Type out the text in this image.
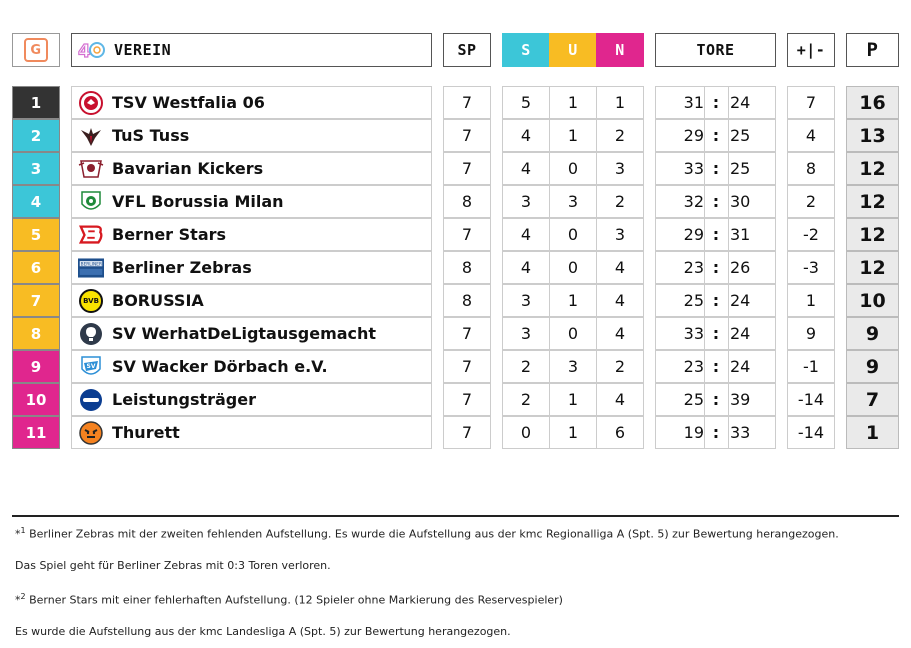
G	4 VEREIN	SP	S	U	N	TORE	+|-	P
1	TSV Westfalia 06	7	5	1	1	31 : 24	7	16
2	TuS Tuss	7	4	1	2	29 : 25	4	13
3	Bavarian Kickers	7	4	0	3	33 : 25	8	12
4	VFL Borussia Milan	8	3	3	2	32 : 30	2	12
5	Berner Stars	7	4	0	3	29 : 31	-2	12
6	BERLINER Berliner Zebras	8	4	0	4	23 : 26	-3	12
7	BVB BORUSSIA	8	3	1	4	25 : 24	1	10
8	SV WerhatDeLigtausgemacht	7	3	0	4	33 : 24	9	9
9	SV SV Wacker Dörbach e.V.	7	2	3	2	23 : 24	-1	9
10	Leistungsträger	7	2	1	4	25 : 39	-14	7
11	Thurett	7	0	1	6	19 : 33	-14	1
*$^1$ Berliner Zebras mit der zweiten fehlenden Aufstellung. Es wurde die Aufstellung aus der kmc Regionalliga A (Spt. 5) zur Bewertung herangezogen.
Das Spiel geht für Berliner Zebras mit 0:3 Toren verloren.
*$^2$ Berner Stars mit einer fehlerhaften Aufstellung. (12 Spieler ohne Markierung des Reservespieler)
Es wurde die Aufstellung aus der kmc Landesliga A (Spt. 5) zur Bewertung herangezogen.
